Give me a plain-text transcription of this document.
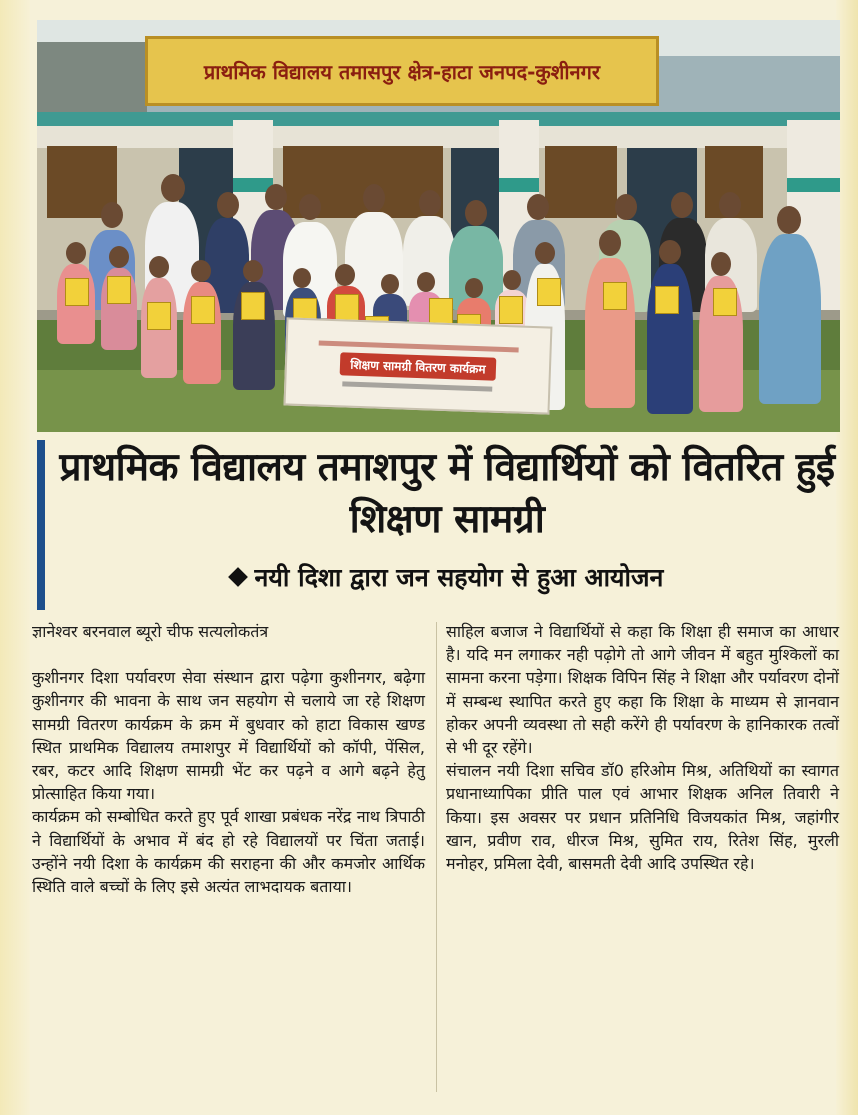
प्राथमिक विद्यालय तमासपुर क्षेत्र-हाटा जनपद-कुशीनगर
शिक्षण सामग्री वितरण कार्यक्रम
प्राथमिक विद्यालय तमाशपुर में विद्यार्थियों को वितरित हुई शिक्षण सामग्री
नयी दिशा द्वारा जन सहयोग से हुआ आयोजन

ज्ञानेश्वर बरनवाल ब्यूरो चीफ सत्यलोकतंत्र

कुशीनगर दिशा पर्यावरण सेवा संस्थान द्वारा पढ़ेगा कुशीनगर, बढ़ेगा कुशीनगर की भावना के साथ जन सहयोग से चलाये जा रहे शिक्षण सामग्री वितरण कार्यक्रम के क्रम में बुधवार को हाटा विकास खण्ड स्थित प्राथमिक विद्यालय तमाशपुर में विद्यार्थियों को कॉपी, पेंसिल, रबर, कटर आदि शिक्षण सामग्री भेंट कर पढ़ने व आगे बढ़ने हेतु प्रोत्साहित किया गया।

कार्यक्रम को सम्बोधित करते हुए पूर्व शाखा प्रबंधक नरेंद्र नाथ त्रिपाठी ने विद्यार्थियों के अभाव में बंद हो रहे विद्यालयों पर चिंता जताई। उन्होंने नयी दिशा के कार्यक्रम की सराहना की और कमजोर आर्थिक स्थिति वाले बच्चों के लिए इसे अत्यंत लाभदायक बताया।

साहिल बजाज ने विद्यार्थियों से कहा कि शिक्षा ही समाज का आधार है। यदि मन लगाकर नही पढ़ोगे तो आगे जीवन में बहुत मुश्किलों का सामना करना पड़ेगा। शिक्षक विपिन सिंह ने शिक्षा और पर्यावरण दोनों में सम्बन्ध स्थापित करते हुए कहा कि शिक्षा के माध्यम से ज्ञानवान होकर अपनी व्यवस्था तो सही करेंगे ही पर्यावरण के हानिकारक तत्वों से भी दूर रहेंगे।

संचालन नयी दिशा सचिव डॉ0 हरिओम मिश्र, अतिथियों का स्वागत प्रधानाध्यापिका प्रीति पाल एवं आभार शिक्षक अनिल तिवारी ने किया। इस अवसर पर प्रधान प्रतिनिधि विजयकांत मिश्र, जहांगीर खान, प्रवीण राव, धीरज मिश्र, सुमित राय, रितेश सिंह, मुरली मनोहर, प्रमिला देवी, बासमती देवी आदि उपस्थित रहे।
